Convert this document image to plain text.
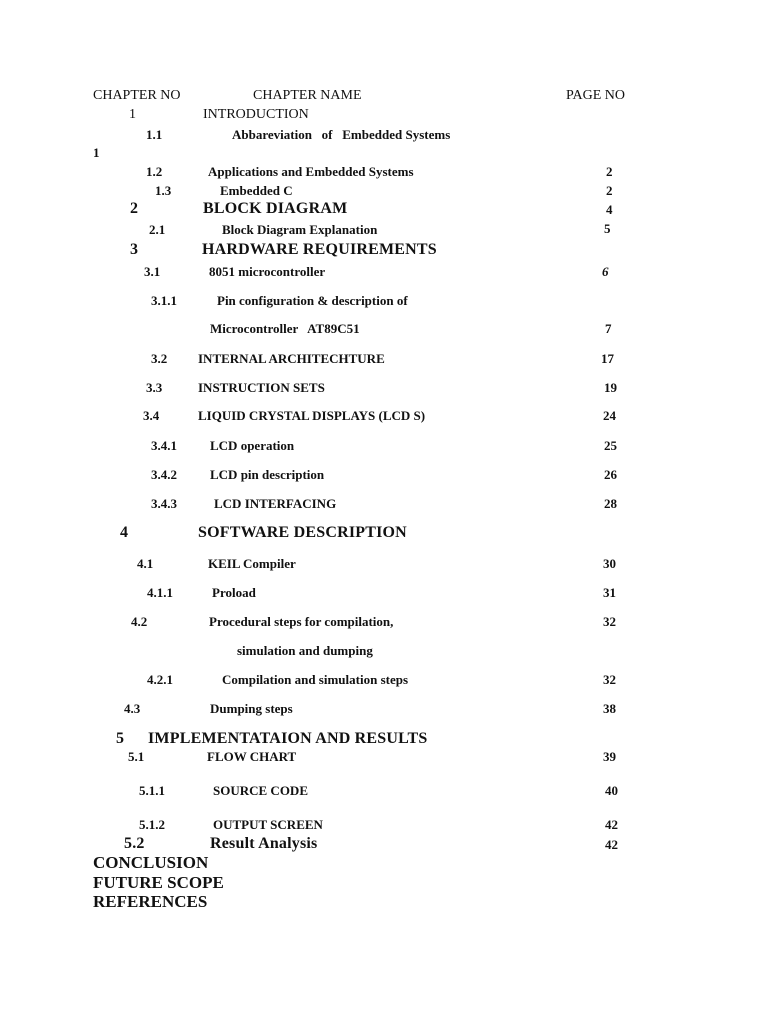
CHAPTER NO	CHAPTER NAME	PAGE NO
1	INTRODUCTION
1.1	Abbareviation   of   Embedded Systems
1
1.2	Applications and Embedded Systems	2
1.3	Embedded C	2
2	BLOCK DIAGRAM	4
2.1	Block Diagram Explanation	5
3	HARDWARE REQUIREMENTS
3.1	8051 microcontroller	6
3.1.1	Pin configuration & description of
Microcontroller   AT89C51	7
3.2 INTERNAL ARCHITECHTURE	17
3.3	INSTRUCTION SETS	19
3.4	LIQUID CRYSTAL DISPLAYS (LCD S)	24
3.4.1	LCD operation	25
3.4.2	LCD pin description	26
3.4.3	LCD INTERFACING	28
4	SOFTWARE DESCRIPTION
4.1	KEIL Compiler	30
4.1.1	Proload	31
4.2	Procedural steps for compilation,	32
simulation and dumping
4.2.1	Compilation and simulation steps	32
4.3	Dumping steps	38
5 IMPLEMENTATAION AND RESULTS
5.1	FLOW CHART	39
5.1.1	SOURCE CODE	40
5.1.2	OUTPUT SCREEN	42
5.2	Result Analysis	42
CONCLUSION
FUTURE SCOPE
REFERENCES
